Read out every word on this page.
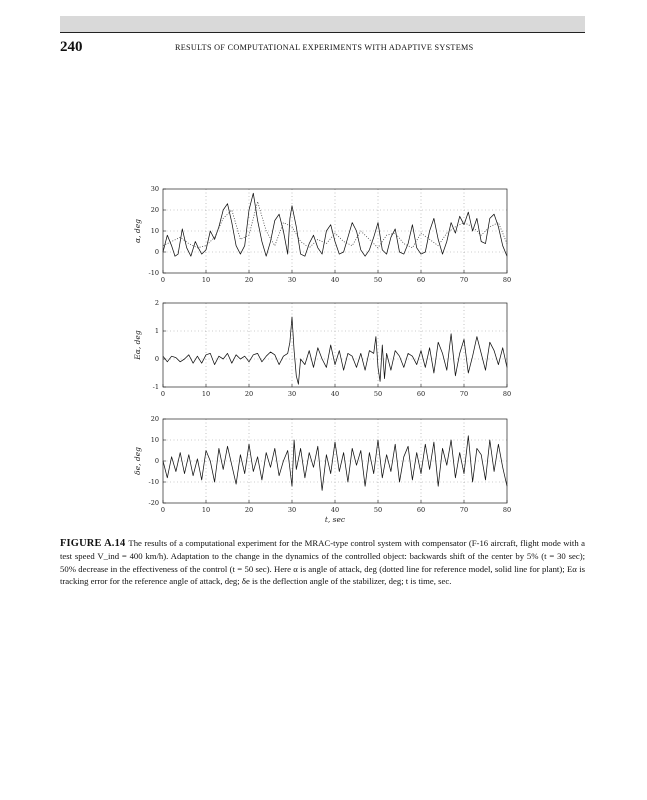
240	RESULTS OF COMPUTATIONAL EXPERIMENTS WITH ADAPTIVE SYSTEMS
0	10	20	30	40	50	60	70	80
-10
0
10
20
30
α, deg
0	10	20	30	40	50	60	70	80
-1
0
1
2
Eα, deg
0	10	20	30	40	50	60	70	80
-20
-10
0
10
20
δe, deg
t, sec
FIGURE A.14 The results of a computational experiment for the MRAC-type control system with compensator (F-16 aircraft, flight mode with a test speed V_ind = 400 km/h). Adaptation to the change in the dynamics of the controlled object: backwards shift of the center by 5% (t = 30 sec); 50% decrease in the effectiveness of the control (t = 50 sec). Here α is angle of attack, deg (dotted line for reference model, solid line for plant); Eα is tracking error for the reference angle of attack, deg; δe is the deflection angle of the stabilizer, deg; t is time, sec.
